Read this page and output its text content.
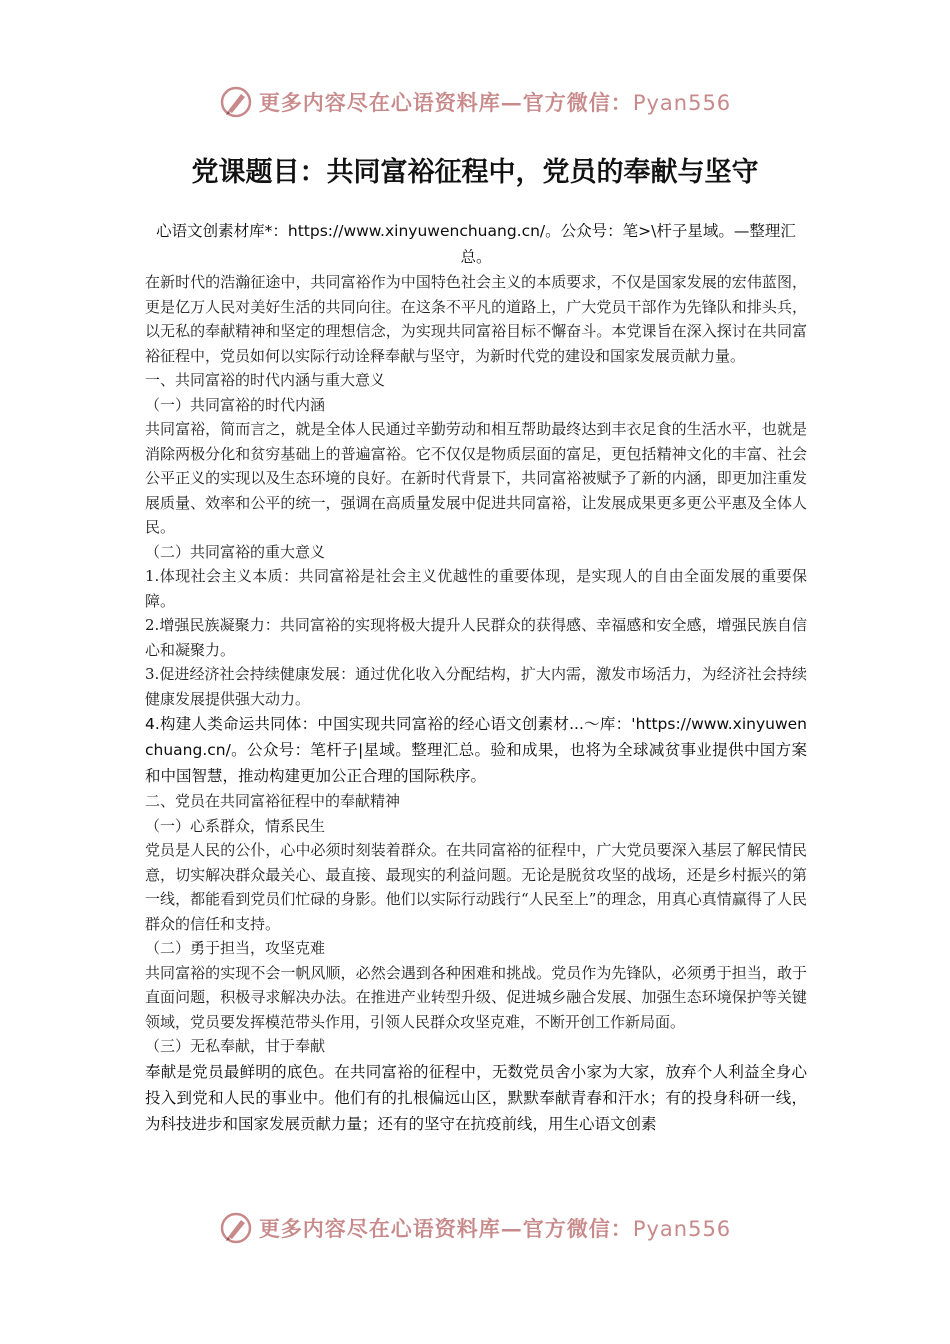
更多内容尽在心语资料库—官方微信：Pyan556
党课题目：共同富裕征程中，党员的奉献与坚守

心语文创素材库*：https://www.xinyuwenchuang.cn/。公众号：笔>\杆子星域。—整理汇总。

在新时代的浩瀚征途中，共同富裕作为中国特色社会主义的本质要求，不仅是国家发展的宏伟蓝图，更是亿万人民对美好生活的共同向往。在这条不平凡的道路上，广大党员干部作为先锋队和排头兵，以无私的奉献精神和坚定的理想信念，为实现共同富裕目标不懈奋斗。本党课旨在深入探讨在共同富裕征程中，党员如何以实际行动诠释奉献与坚守，为新时代党的建设和国家发展贡献力量。

一、共同富裕的时代内涵与重大意义

（一）共同富裕的时代内涵

共同富裕，简而言之，就是全体人民通过辛勤劳动和相互帮助最终达到丰衣足食的生活水平，也就是消除两极分化和贫穷基础上的普遍富裕。它不仅仅是物质层面的富足，更包括精神文化的丰富、社会公平正义的实现以及生态环境的良好。在新时代背景下，共同富裕被赋予了新的内涵，即更加注重发展质量、效率和公平的统一，强调在高质量发展中促进共同富裕，让发展成果更多更公平惠及全体人民。

（二）共同富裕的重大意义

1.体现社会主义本质：共同富裕是社会主义优越性的重要体现，是实现人的自由全面发展的重要保障。

2.增强民族凝聚力：共同富裕的实现将极大提升人民群众的获得感、幸福感和安全感，增强民族自信心和凝聚力。

3.促进经济社会持续健康发展：通过优化收入分配结构，扩大内需，激发市场活力，为经济社会持续健康发展提供强大动力。

4.构建人类命运共同体：中国实现共同富裕的经心语文创素材...～库：'https://www.xinyuwenchuang.cn/。公众号：笔杆子|星域。整理汇总。验和成果，也将为全球减贫事业提供中国方案和中国智慧，推动构建更加公正合理的国际秩序。

二、党员在共同富裕征程中的奉献精神

（一）心系群众，情系民生

党员是人民的公仆，心中必须时刻装着群众。在共同富裕的征程中，广大党员要深入基层了解民情民意，切实解决群众最关心、最直接、最现实的利益问题。无论是脱贫攻坚的战场，还是乡村振兴的第一线，都能看到党员们忙碌的身影。他们以实际行动践行“人民至上”的理念，用真心真情赢得了人民群众的信任和支持。

（二）勇于担当，攻坚克难

共同富裕的实现不会一帆风顺，必然会遇到各种困难和挑战。党员作为先锋队，必须勇于担当，敢于直面问题，积极寻求解决办法。在推进产业转型升级、促进城乡融合发展、加强生态环境保护等关键领域，党员要发挥模范带头作用，引领人民群众攻坚克难，不断开创工作新局面。

（三）无私奉献，甘于奉献

奉献是党员最鲜明的底色。在共同富裕的征程中，无数党员舍小家为大家，放弃个人利益全身心投入到党和人民的事业中。他们有的扎根偏远山区，默默奉献青春和汗水；有的投身科研一线，为科技进步和国家发展贡献力量；还有的坚守在抗疫前线，用生心语文创素

更多内容尽在心语资料库—官方微信：Pyan556
